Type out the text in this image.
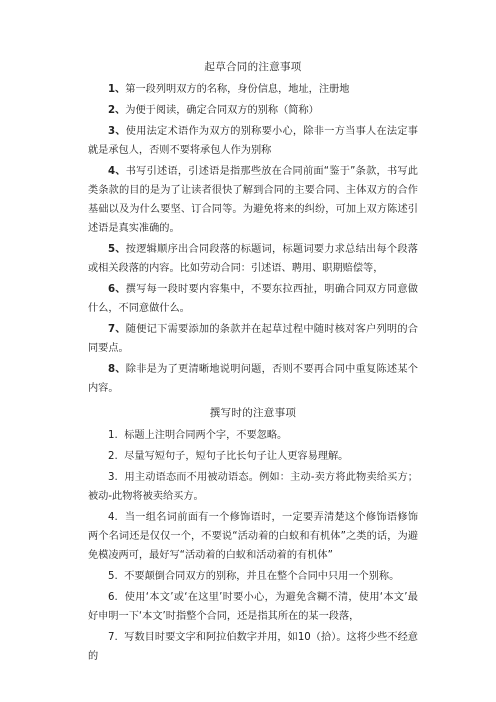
起草合同的注意事项

1、第一段列明双方的名称，身份信息，地址，注册地

2、为便于阅读，确定合同双方的别称（简称）

3、使用法定术语作为双方的别称要小心，除非一方当事人在法定事就是承包人，否则不要将承包人作为别称

4、书写引述语，引述语是指那些放在合同前面“鉴于”条款，书写此类条款的目的是为了让读者很快了解到合同的主要合同、主体双方的合作基础以及为什么要坚、订合同等。为避免将来的纠纷，可加上双方陈述引述语是真实准确的。

5、按逻辑顺序出合同段落的标题词，标题词要力求总结出每个段落或相关段落的内容。比如劳动合同：引述语、聘用、职期赔偿等，

6、撰写每一段时要内容集中，不要东拉西扯，明确合同双方同意做什么，不同意做什么。

7、随便记下需要添加的条款并在起草过程中随时核对客户列明的合同要点。

8、除非是为了更清晰地说明问题，否则不要再合同中重复陈述某个内容。

撰写时的注意事项

1. 标题上注明合同两个字，不要忽略。

2. 尽量写短句子，短句子比长句子让人更容易理解。

3. 用主动语态而不用被动语态。例如：主动-卖方将此物卖给买方；被动-此物将被卖给买方。

4. 当一组名词前面有一个修饰语时，一定要弄清楚这个修饰语修饰两个名词还是仅仅一个，不要说“活动着的白蚁和有机体”之类的话，为避免模凌两可，最好写“活动着的白蚁和活动着的有机体”

5. 不要颠倒合同双方的别称，并且在整个合同中只用一个别称。

6. 使用‘本文’或‘在这里’时要小心，为避免含糊不清，使用‘本文’最好申明一下‘本文’时指整个合同，还是指其所在的某一段落，

7. 写数目时要文字和阿拉伯数字并用，如10（拾）。这将少些不经意的
